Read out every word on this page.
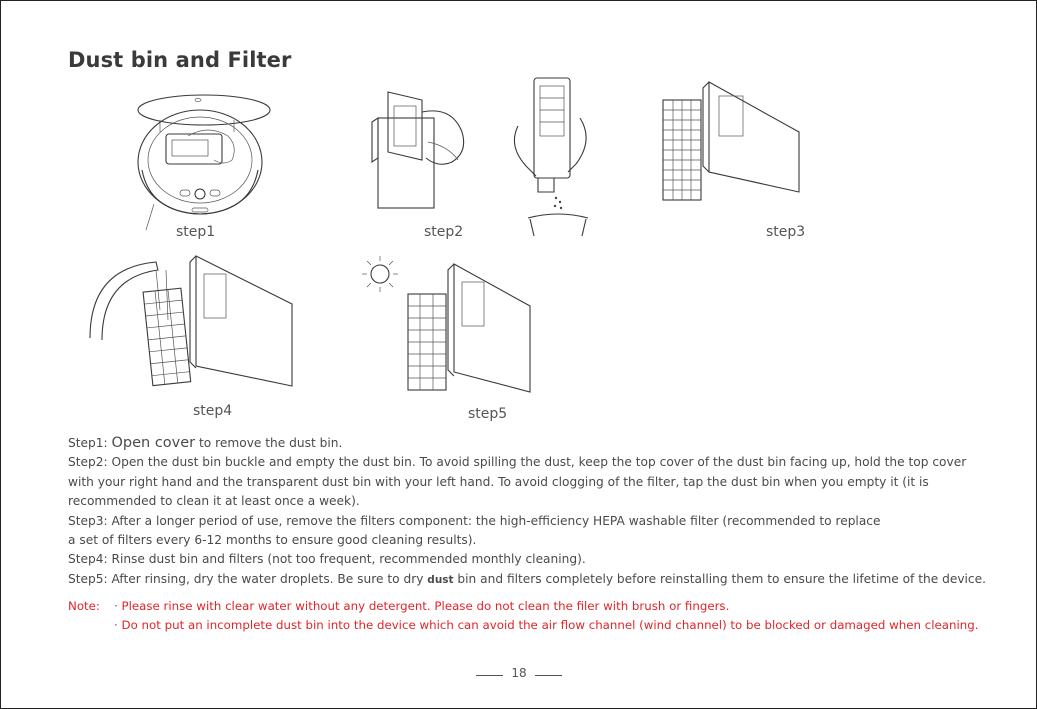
Dust bin and Filter
step1	step2	step3
step4	step5

Step1: Open cover to remove the dust bin.

Step2: Open the dust bin buckle and empty the dust bin. To avoid spilling the dust, keep the top cover of the dust bin facing up, hold the top cover

with your right hand and the transparent dust bin with your left hand. To avoid clogging of the filter, tap the dust bin when you empty it (it is

recommended to clean it at least once a week).

Step3: After a longer period of use, remove the filters component: the high-efficiency HEPA washable filter (recommended to replace

a set of filters every 6-12 months to ensure good cleaning results).

Step4: Rinse dust bin and filters (not too frequent, recommended monthly cleaning).

Step5: After rinsing, dry the water droplets. Be sure to dry dust bin and filters completely before reinstalling them to ensure the lifetime of the device.

Note: · Please rinse with clear water without any detergent. Please do not clean the filer with brush or fingers.
· Do not put an incomplete dust bin into the device which can avoid the air flow channel (wind channel) to be blocked or damaged when cleaning.
18
